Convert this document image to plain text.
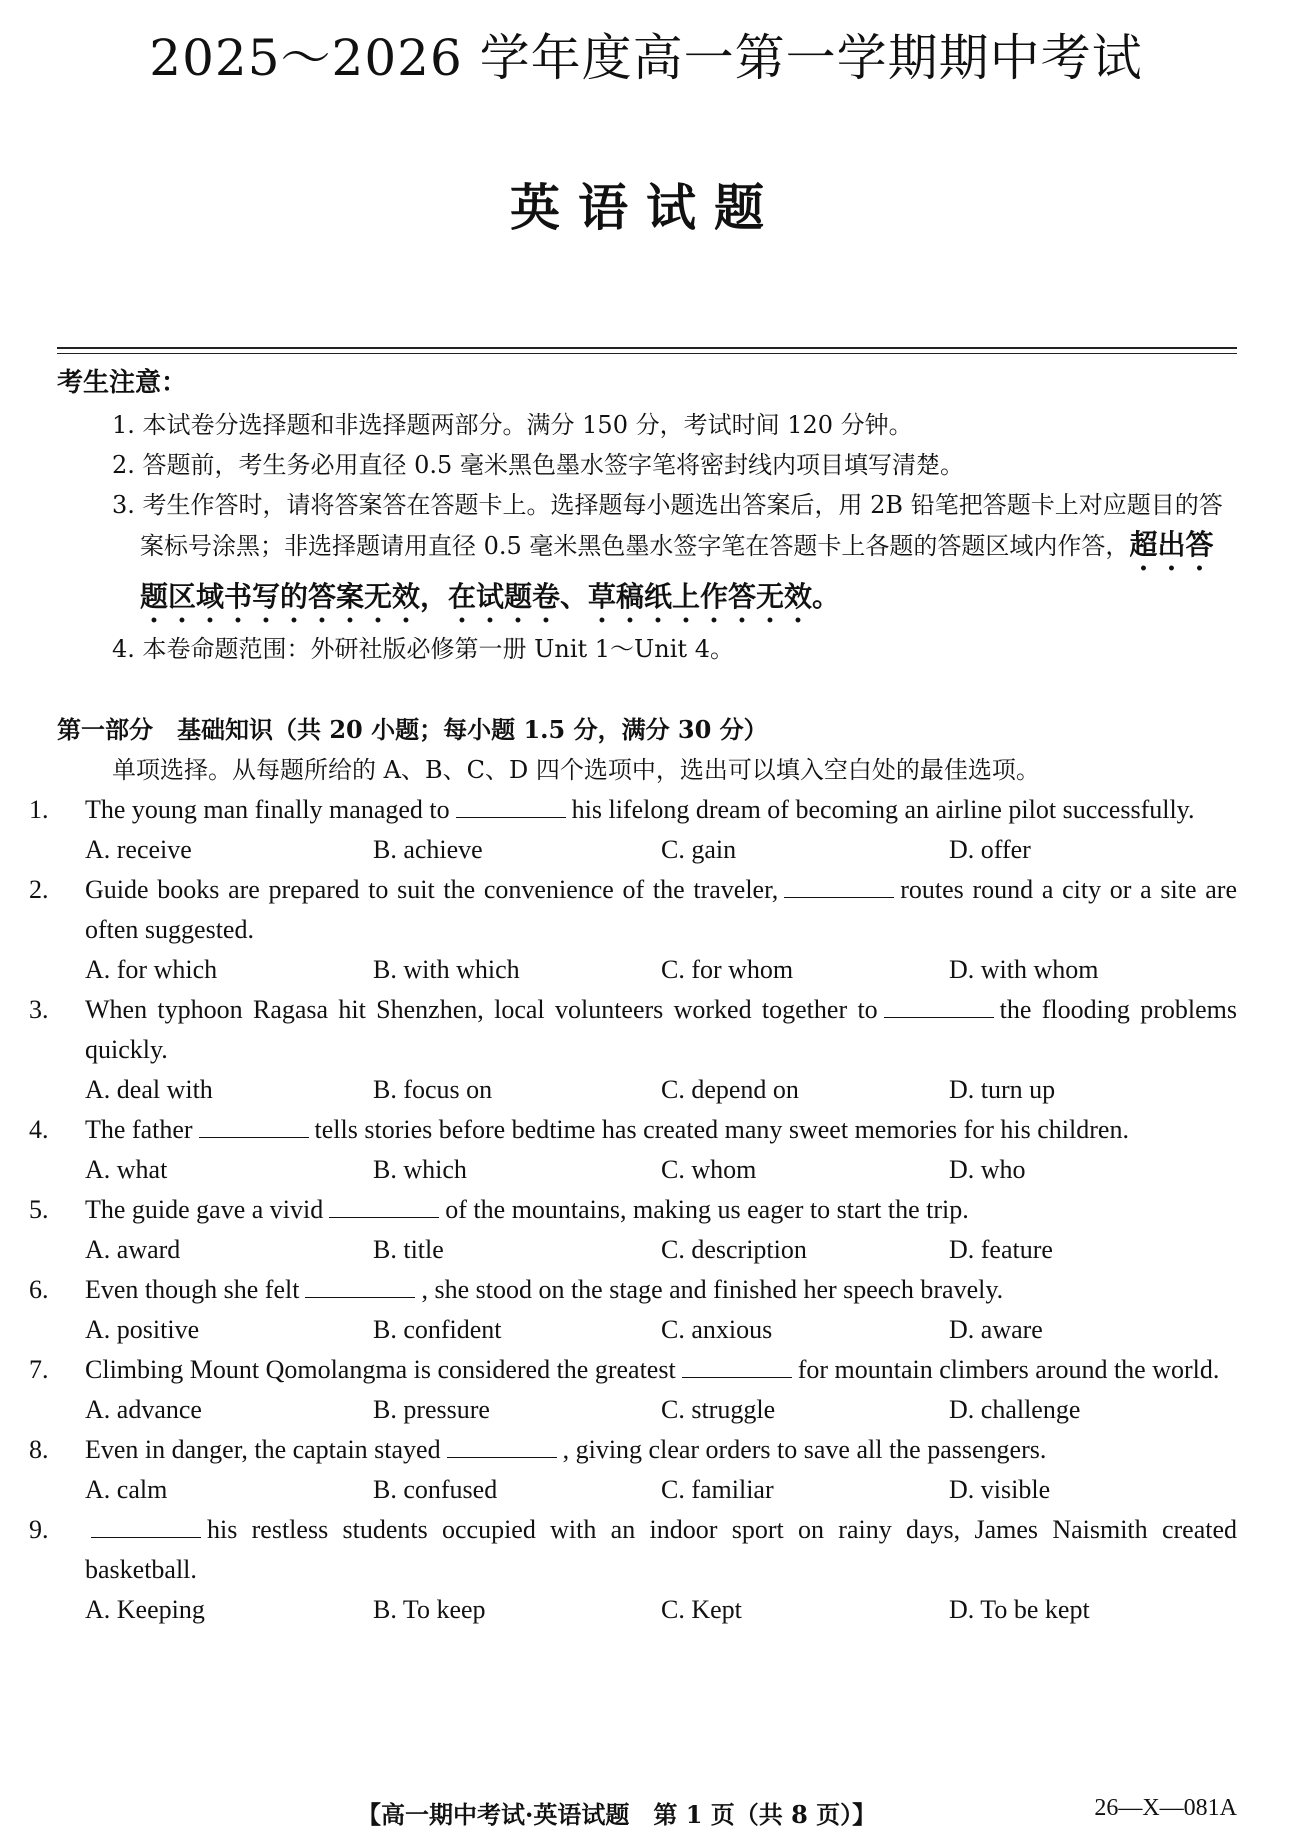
2025～2026 学年度高一第一学期期中考试
英语试题
考生注意：
1. 本试卷分选择题和非选择题两部分。满分 150 分，考试时间 120 分钟。
2. 答题前，考生务必用直径 0.5 毫米黑色墨水签字笔将密封线内项目填写清楚。
3. 考生作答时，请将答案答在答题卡上。选择题每小题选出答案后，用 2B 铅笔把答题卡上对应题目的答案标号涂黑；非选择题请用直径 0.5 毫米黑色墨水签字笔在答题卡上各题的答题区域内作答，超出答题区域书写的答案无效，在试题卷、草稿纸上作答无效。
4. 本卷命题范围：外研社版必修第一册 Unit 1～Unit 4。
第一部分　基础知识（共 20 小题；每小题 1.5 分，满分 30 分）
单项选择。从每题所给的 A、B、C、D 四个选项中，选出可以填入空白处的最佳选项。
1. The young man finally managed to	his lifelong dream of becoming an airline pilot successfully.
A. receive	B. achieve	C. gain	D. offer
2. Guide books are prepared to suit the convenience of the traveler,	routes round a city or a site are often suggested.
A. for which	B. with which	C. for whom	D. with whom
3. When typhoon Ragasa hit Shenzhen, local volunteers worked together to	the flooding problems quickly.
A. deal with	B. focus on	C. depend on	D. turn up
4. The father	tells stories before bedtime has created many sweet memories for his children.
A. what	B. which	C. whom	D. who
5. The guide gave a vivid	of the mountains, making us eager to start the trip.
A. award	B. title	C. description	D. feature
6. Even though she felt	, she stood on the stage and finished her speech bravely.
A. positive	B. confident	C. anxious	D. aware
7. Climbing Mount Qomolangma is considered the greatest	for mountain climbers around the world.
A. advance	B. pressure	C. struggle	D. challenge
8. Even in danger, the captain stayed	, giving clear orders to save all the passengers.
A. calm	B. confused	C. familiar	D. visible
9.	his restless students occupied with an indoor sport on rainy days, James Naismith created basketball.
A. Keeping	B. To keep	C. Kept	D. To be kept
【高一期中考试·英语试题　第 1 页（共 8 页）】	26—X—081A
